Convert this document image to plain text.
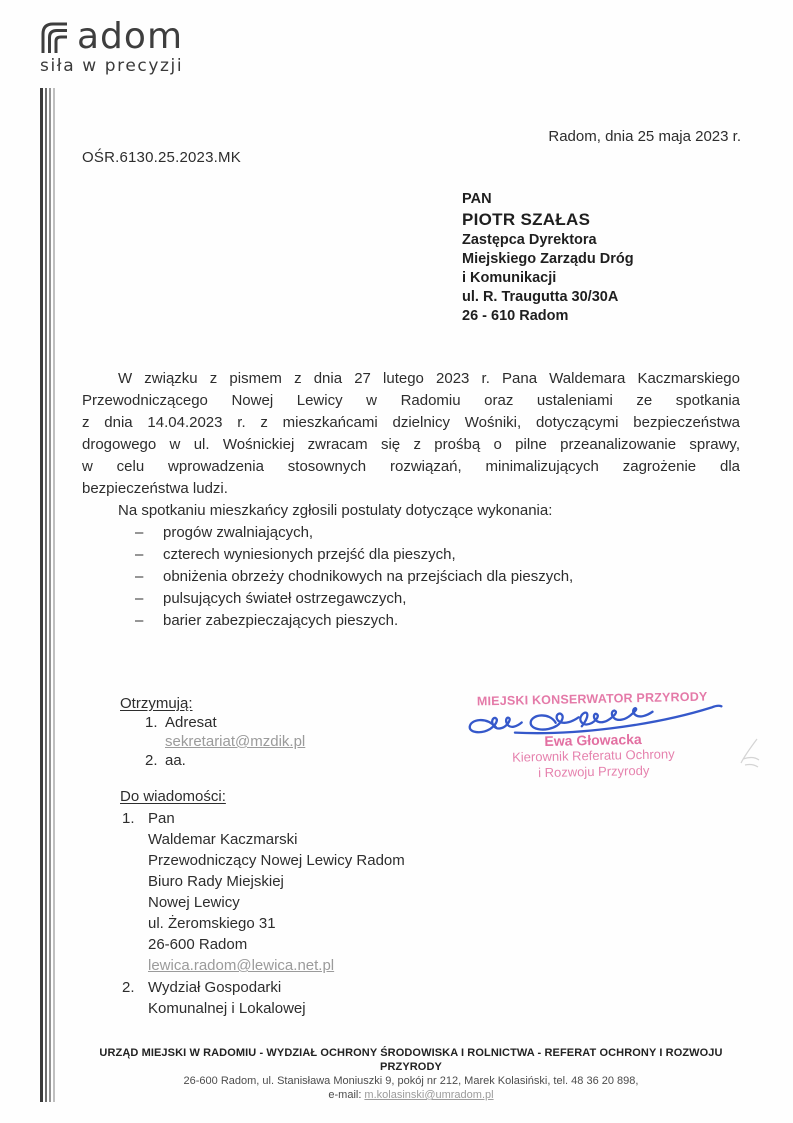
adom
siła w precyzji
Radom, dnia 25 maja 2023 r.
OŚR.6130.25.2023.MK
PAN
PIOTR SZAŁAS
Zastępca Dyrektora
Miejskiego Zarządu Dróg
i Komunikacji
ul. R. Traugutta 30/30A
26 - 610 Radom
W związku z pismem z dnia 27 lutego 2023 r. Pana Waldemara Kaczmarskiego
Przewodniczącego Nowej Lewicy w Radomiu oraz ustaleniami ze spotkania
z dnia 14.04.2023 r. z mieszkańcami dzielnicy Wośniki, dotyczącymi bezpieczeństwa
drogowego w ul. Wośnickiej zwracam się z prośbą o pilne przeanalizowanie sprawy,
w celu wprowadzenia stosownych rozwiązań, minimalizujących zagrożenie dla
bezpieczeństwa ludzi.
Na spotkaniu mieszkańcy zgłosili postulaty dotyczące wykonania:
–	progów zwalniających,
–	czterech wyniesionych przejść dla pieszych,
–	obniżenia obrzeży chodnikowych na przejściach dla pieszych,
–	pulsujących świateł ostrzegawczych,
–	barier zabezpieczających pieszych.
Otrzymują:
1. Adresat
sekretariat@mzdik.pl
2. aa.
MIEJSKI KONSERWATOR PRZYRODY
Ewa Głowacka
Kierownik Referatu Ochrony
i Rozwoju Przyrody
Do wiadomości:
1. Pan
Waldemar Kaczmarski
Przewodniczący Nowej Lewicy Radom
Biuro Rady Miejskiej
Nowej Lewicy
ul. Żeromskiego 31
26-600 Radom
lewica.radom@lewica.net.pl
2. Wydział Gospodarki
Komunalnej i Lokalowej
URZĄD MIEJSKI W RADOMIU - WYDZIAŁ OCHRONY ŚRODOWISKA I ROLNICTWA - REFERAT OCHRONY I ROZWOJU
PRZYRODY
26-600 Radom, ul. Stanisława Moniuszki 9, pokój nr 212, Marek Kolasiński, tel. 48 36 20 898,
e-mail: m.kolasinski@umradom.pl
